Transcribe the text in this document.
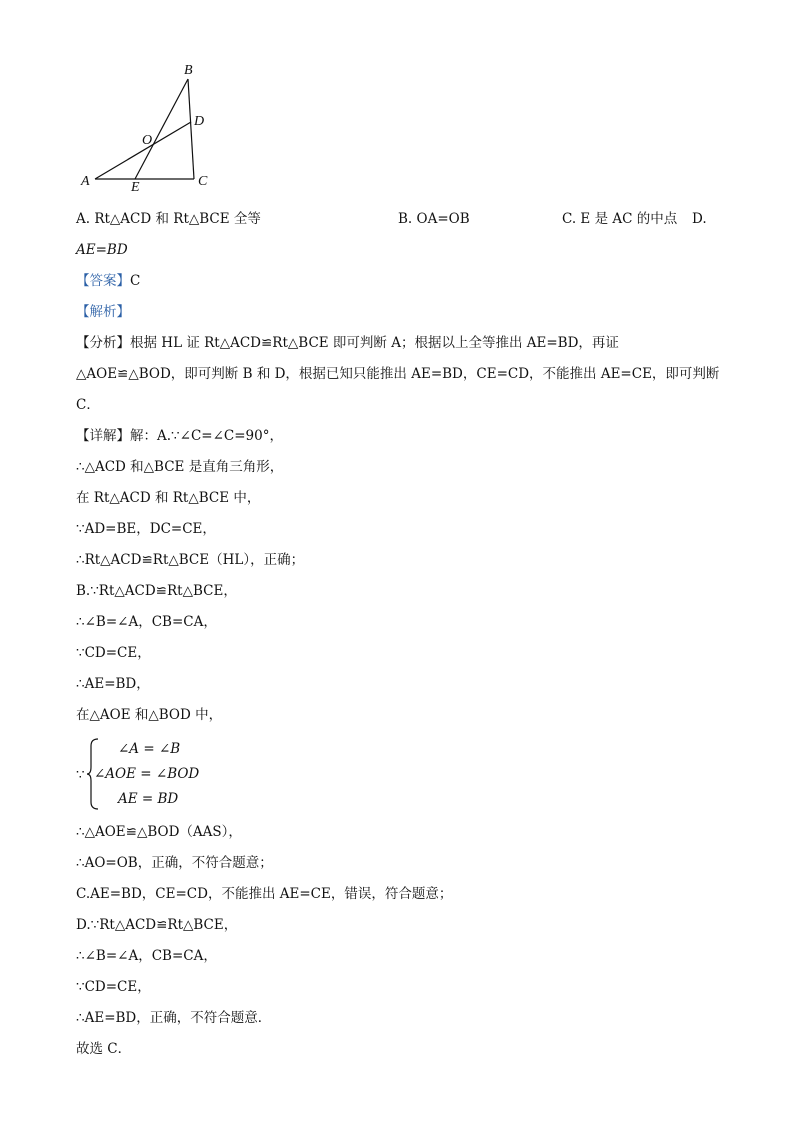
B
D
O
A	E	C
A. Rt△ACD 和 Rt△BCE 全等	B. OA=OB	C. E 是 AC 的中点 D.
AE=BD
【答案】C
【解析】
【分析】根据 HL 证 Rt△ACD≌Rt△BCE 即可判断 A；根据以上全等推出 AE=BD，再证
△AOE≌△BOD，即可判断 B 和 D，根据已知只能推出 AE=BD，CE=CD，不能推出 AE=CE，即可判断
C．
【详解】解：A.∵∠C=∠C=90°，
∴△ACD 和△BCE 是直角三角形，
在 Rt△ACD 和 Rt△BCE 中，
∵AD=BE，DC=CE，
∴Rt△ACD≌Rt△BCE（HL），正确；
B.∵Rt△ACD≌Rt△BCE，
∴∠B=∠A，CB=CA，
∵CD=CE，
∴AE=BD，
在△AOE 和△BOD 中，
∵
∠A = ∠B
∠AOE = ∠BOD
AE = BD
∴△AOE≌△BOD（AAS），
∴AO=OB，正确，不符合题意；
C.AE=BD，CE=CD，不能推出 AE=CE，错误，符合题意；
D.∵Rt△ACD≌Rt△BCE，
∴∠B=∠A，CB=CA，
∵CD=CE，
∴AE=BD，正确，不符合题意．
故选 C．
